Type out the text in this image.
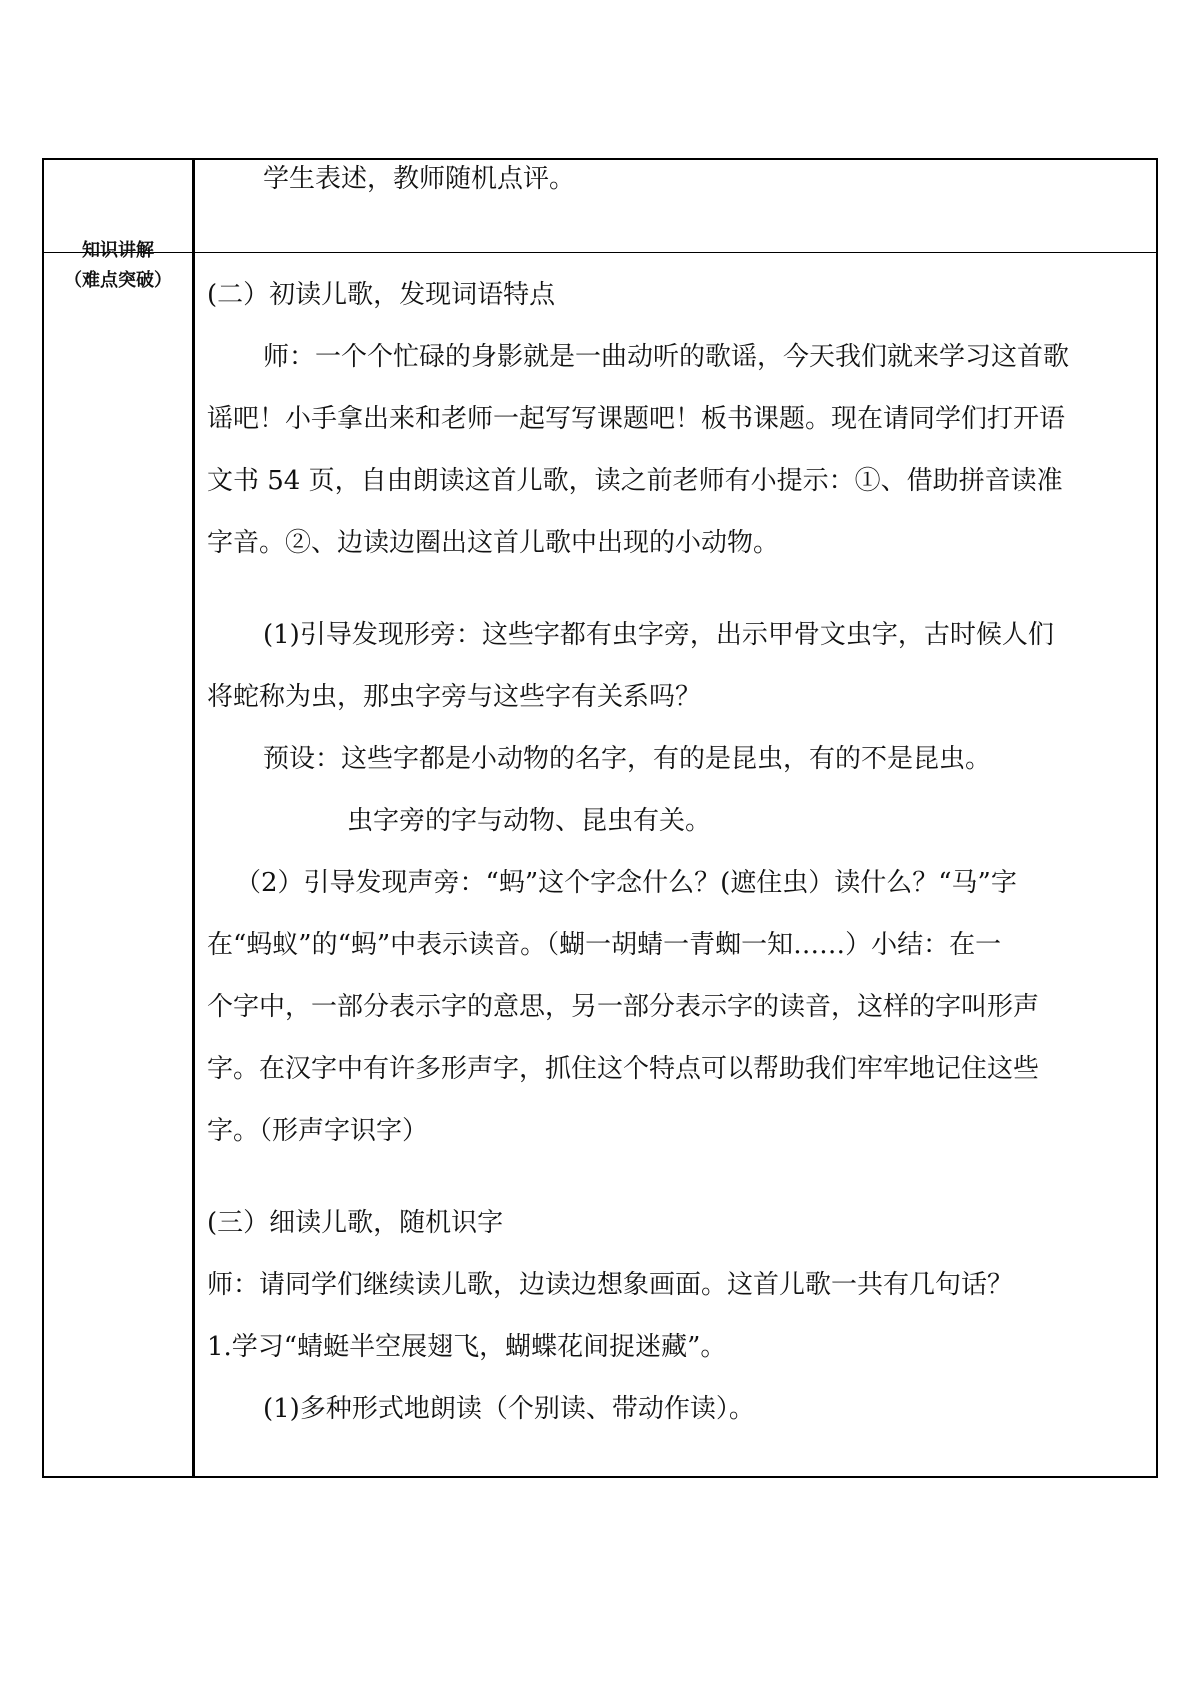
学生表述，教师随机点评。

知识讲解
（难点突破）	(二）初读儿歌，发现词语特点

师：一个个忙碌的身影就是一曲动听的歌谣，今天我们就来学习这首歌

谣吧！小手拿出来和老师一起写写课题吧！板书课题。现在请同学们打开语

文书 54 页，自由朗读这首儿歌，读之前老师有小提示：①、借助拼音读准

字音。②、边读边圈出这首儿歌中出现的小动物。

(1)引导发现形旁：这些字都有虫字旁，出示甲骨文虫字，古时候人们

将蛇称为虫，那虫字旁与这些字有关系吗？

预设：这些字都是小动物的名字，有的是昆虫，有的不是昆虫。

虫字旁的字与动物、昆虫有关。

（2）引导发现声旁：“蚂”这个字念什么？(遮住虫）读什么？“马”字

在“蚂蚁”的“蚂”中表示读音。（蝴一胡蜻一青蜘一知……）小结：在一

个字中，一部分表示字的意思，另一部分表示字的读音，这样的字叫形声

字。在汉字中有许多形声字，抓住这个特点可以帮助我们牢牢地记住这些

字。（形声字识字）

(三）细读儿歌，随机识字

师：请同学们继续读儿歌，边读边想象画面。这首儿歌一共有几句话？

1.学习“蜻蜓半空展翅飞，蝴蝶花间捉迷藏”。

(1)多种形式地朗读（个别读、带动作读）。
